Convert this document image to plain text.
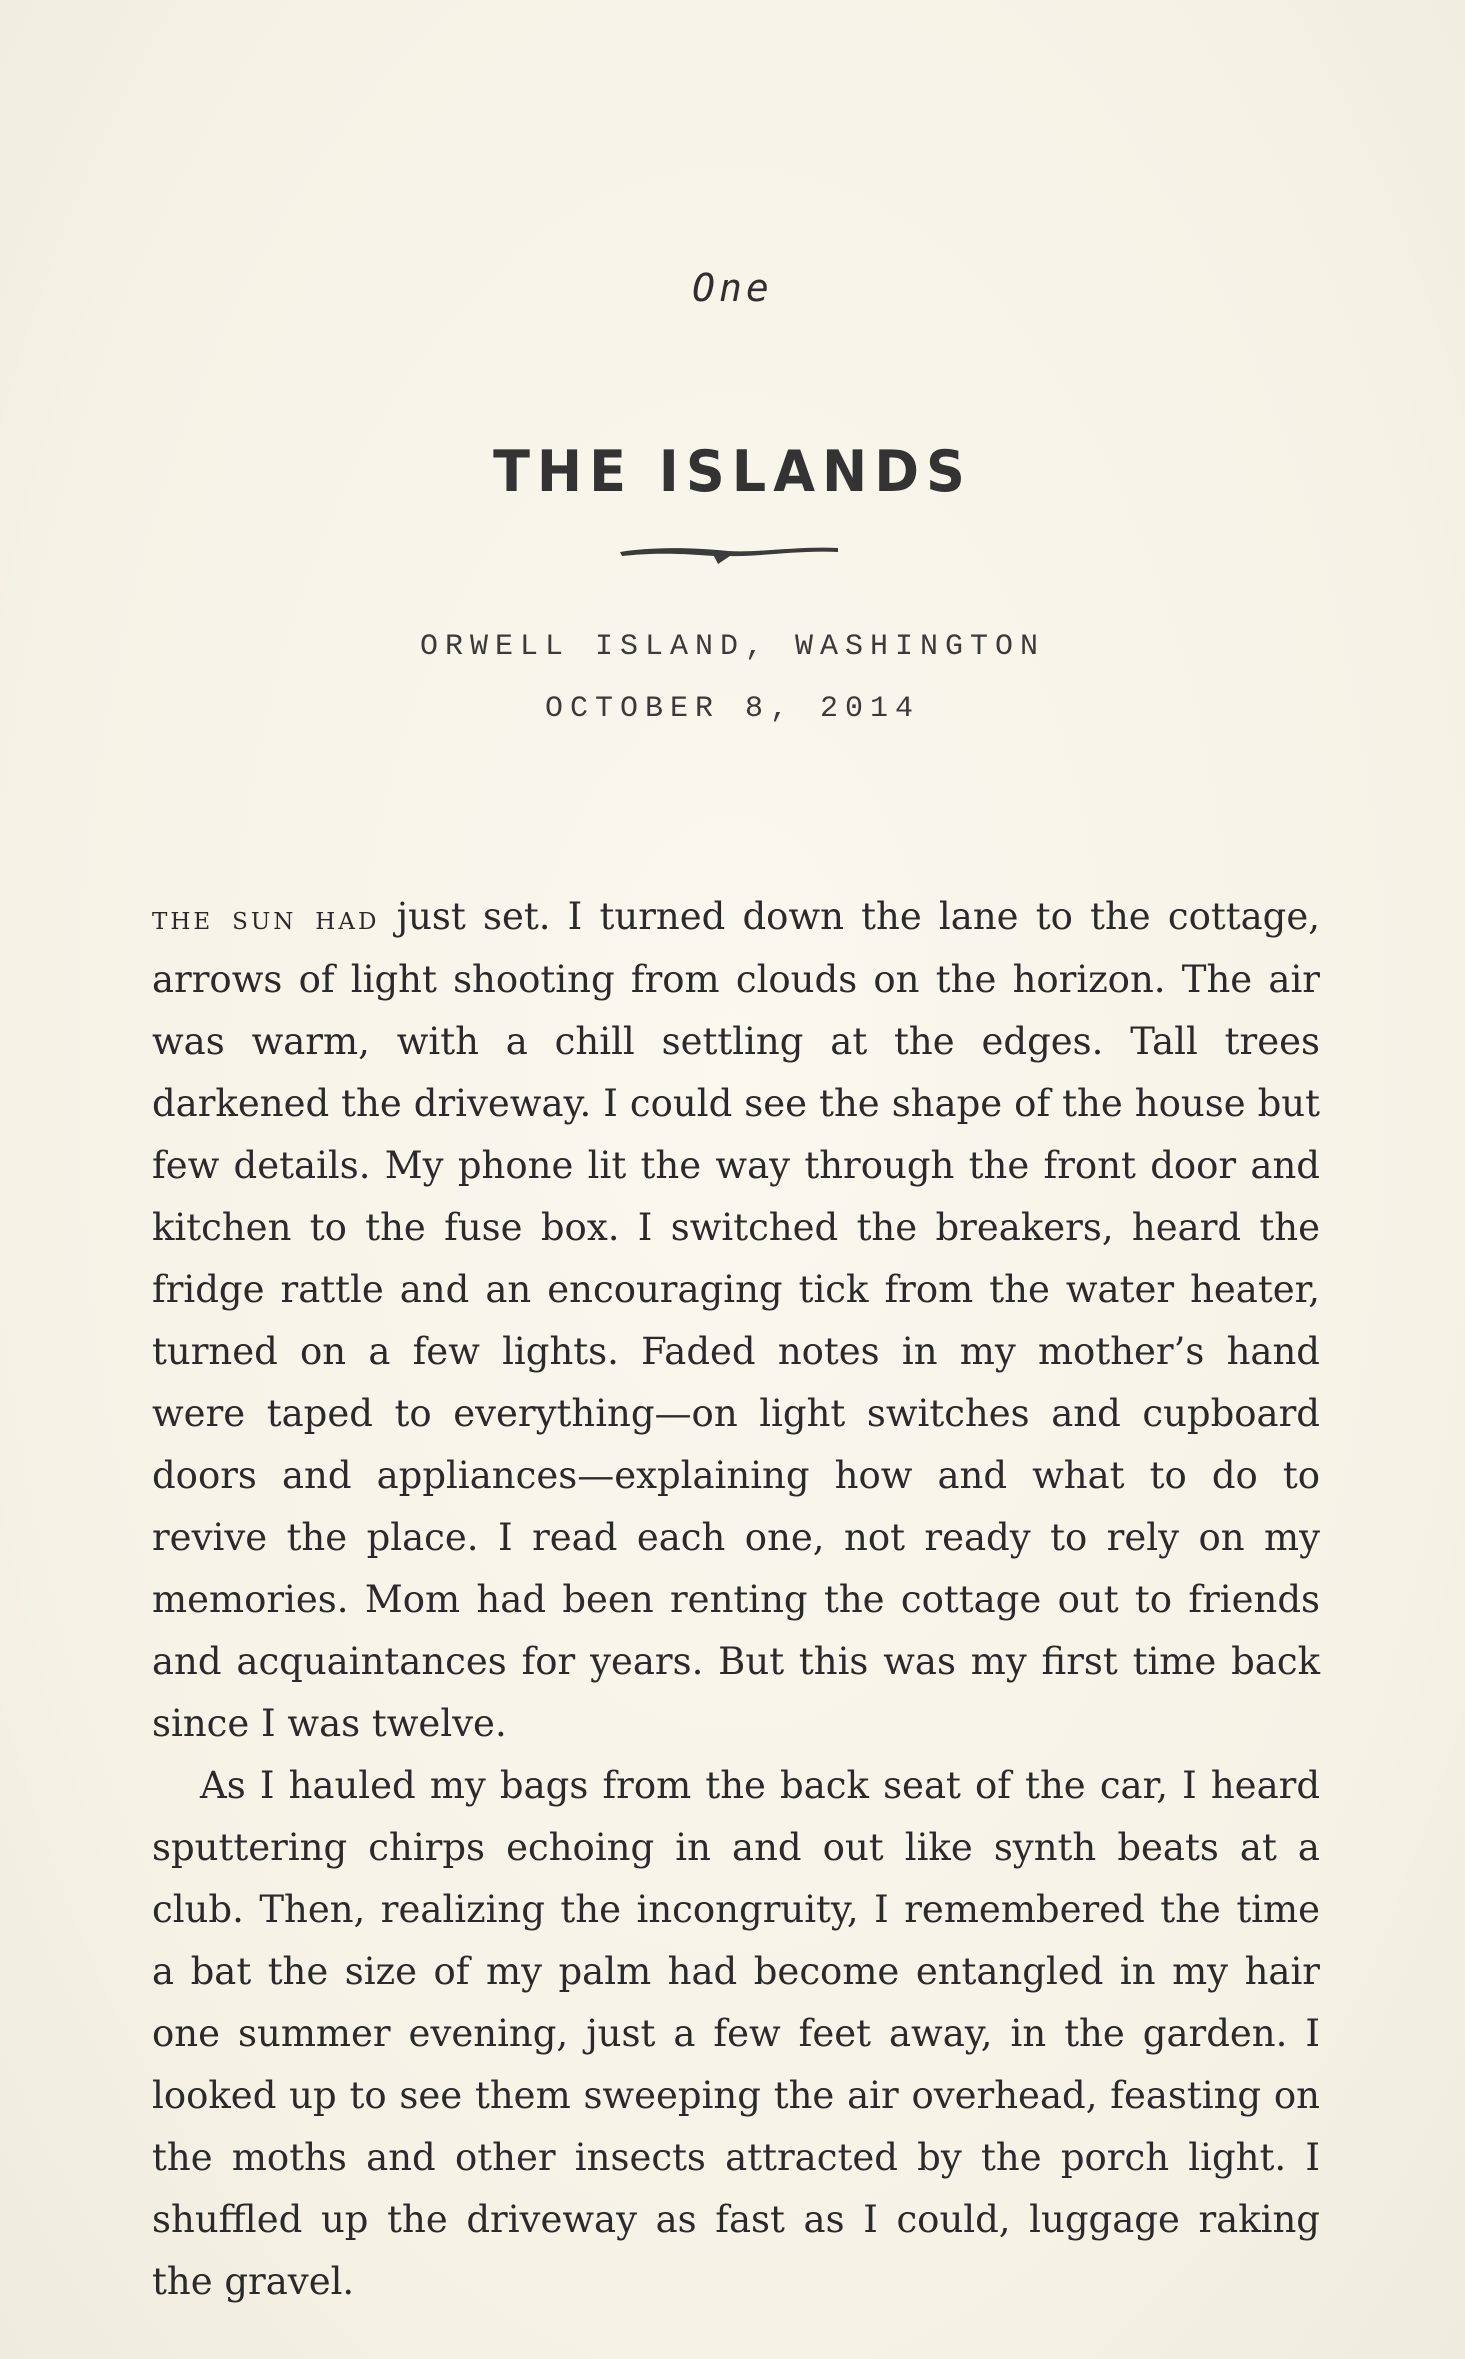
One
THE ISLANDS
ORWELL ISLAND, WASHINGTON
OCTOBER 8, 2014

the sun had just set. I turned down the lane to the cottage, arrows of light shooting from clouds on the horizon. The air was warm, with a chill settling at the edges. Tall trees darkened the driveway. I could see the shape of the house but few details. My phone lit the way through the front door and kitchen to the fuse box. I switched the breakers, heard the fridge rattle and an encouraging tick from the water heater, turned on a few lights. Faded notes in my mother’s hand were taped to everything—on light switches and cupboard doors and appliances—explaining how and what to do to revive the place. I read each one, not ready to rely on my memories. Mom had been renting the cottage out to friends and acquaintances for years. But this was my first time back since I was twelve.

As I hauled my bags from the back seat of the car, I heard sputtering chirps echoing in and out like synth beats at a club. Then, realizing the incongruity, I remembered the time a bat the size of my palm had become entangled in my hair one summer evening, just a few feet away, in the garden. I looked up to see them sweeping the air overhead, feasting on the moths and other insects attracted by the porch light. I shuffled up the driveway as fast as I could, luggage raking the gravel.
